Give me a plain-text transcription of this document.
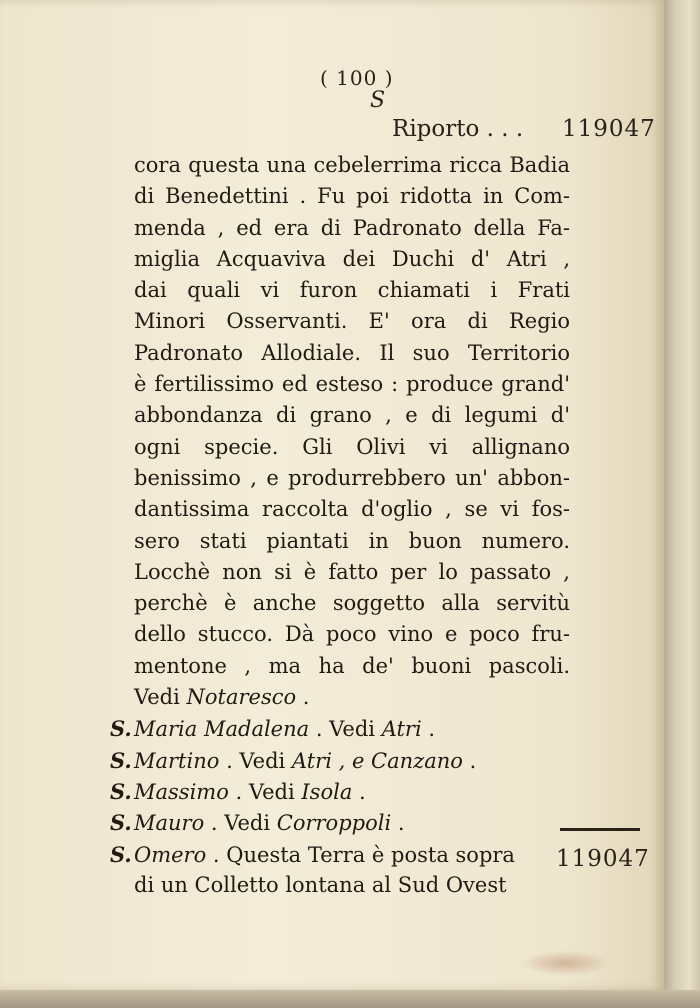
( 100 )
S
Riporto . . . 119047
cora questa una cebelerrima ricca Badia
di Benedettini . Fu poi ridotta in Com-
menda , ed era di Padronato della Fa-
miglia Acquaviva dei Duchi d' Atri ,
dai quali vi furon chiamati i Frati
Minori Osservanti. E' ora di Regio
Padronato Allodiale. Il suo Territorio
è fertilissimo ed esteso : produce grand'
abbondanza di grano , e di legumi d'
ogni specie. Gli Olivi vi allignano
benissimo , e produrrebbero un' abbon-
dantissima raccolta d'oglio , se vi fos-
sero stati piantati in buon numero.
Locchè non si è fatto per lo passato ,
perchè è anche soggetto alla servitù
dello stucco. Dà poco vino e poco fru-
mentone , ma ha de' buoni pascoli.
Vedi Notaresco .
S. Maria Madalena . Vedi Atri .
S. Martino . Vedi Atri , e Canzano .
S. Massimo . Vedi Isola .
S. Mauro . Vedi Corroppoli .
S. Omero . Questa Terra è posta sopra
di un Colletto lontana al Sud Ovest
119047
